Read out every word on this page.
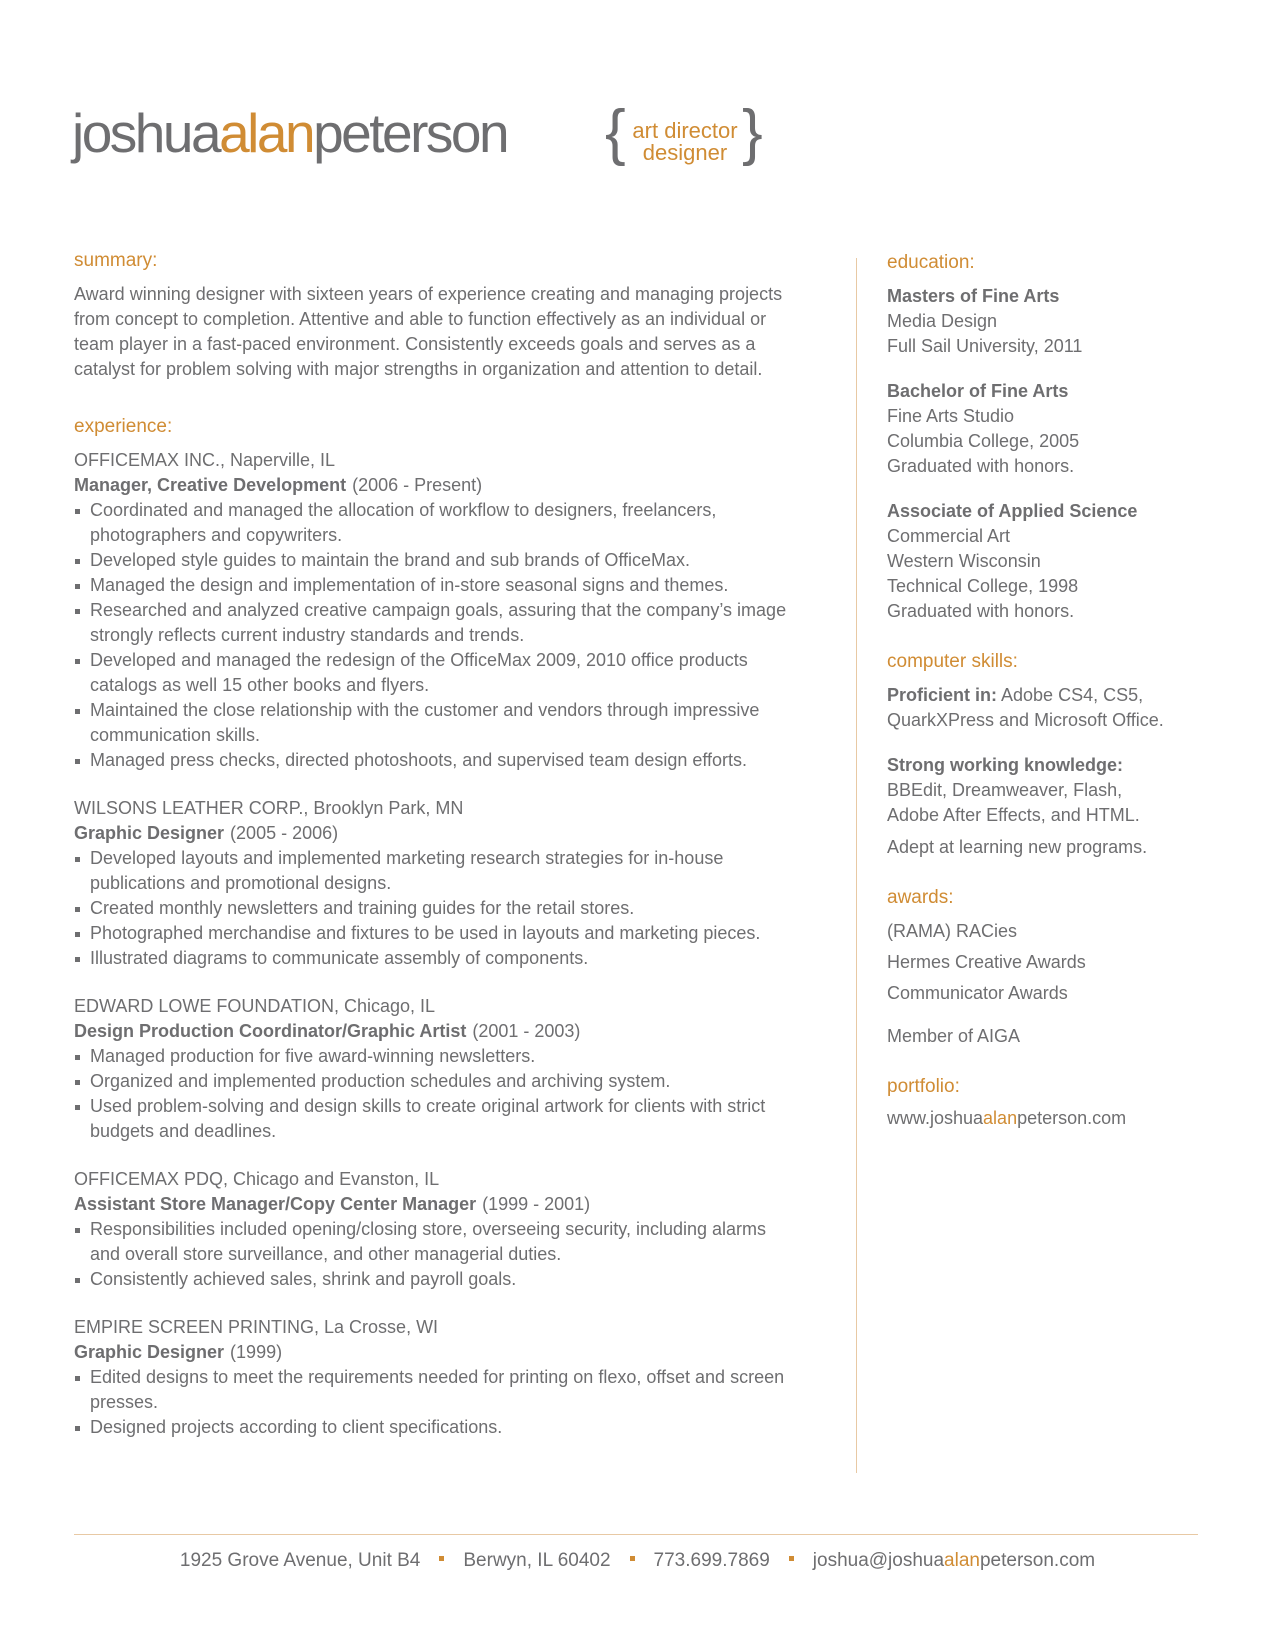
joshuaalanpeterson { art director
designer }
summary:
Award winning designer with sixteen years of experience creating and managing projects from concept to completion. Attentive and able to function effectively as an individual or team player in a fast-paced environment. Consistently exceeds goals and serves as a catalyst for problem solving with major strengths in organization and attention to detail.
experience:
OFFICEMAX INC., Naperville, IL
Manager, Creative Development (2006 - Present)
Coordinated and managed the allocation of workflow to designers, freelancers, photographers and copywriters.
Developed style guides to maintain the brand and sub brands of OfficeMax.
Managed the design and implementation of in-store seasonal signs and themes.
Researched and analyzed creative campaign goals, assuring that the company’s image strongly reflects current industry standards and trends.
Developed and managed the redesign of the OfficeMax 2009, 2010 office products catalogs as well 15 other books and flyers.
Maintained the close relationship with the customer and vendors through impressive communication skills.
Managed press checks, directed photoshoots, and supervised team design efforts.
WILSONS LEATHER CORP., Brooklyn Park, MN
Graphic Designer (2005 - 2006)
Developed layouts and implemented marketing research strategies for in-house publications and promotional designs.
Created monthly newsletters and training guides for the retail stores.
Photographed merchandise and fixtures to be used in layouts and marketing pieces.
Illustrated diagrams to communicate assembly of components.
EDWARD LOWE FOUNDATION, Chicago, IL
Design Production Coordinator/Graphic Artist (2001 - 2003)
Managed production for five award-winning newsletters.
Organized and implemented production schedules and archiving system.
Used problem-solving and design skills to create original artwork for clients with strict budgets and deadlines.
OFFICEMAX PDQ, Chicago and Evanston, IL
Assistant Store Manager/Copy Center Manager (1999 - 2001)
Responsibilities included opening/closing store, overseeing security, including alarms and overall store surveillance, and other managerial duties.
Consistently achieved sales, shrink and payroll goals.
EMPIRE SCREEN PRINTING, La Crosse, WI
Graphic Designer (1999)
Edited designs to meet the requirements needed for printing on flexo, offset and screen presses.
Designed projects according to client specifications.
education:
Masters of Fine Arts
Media Design
Full Sail University, 2011
Bachelor of Fine Arts
Fine Arts Studio
Columbia College, 2005
Graduated with honors.
Associate of Applied Science
Commercial Art
Western Wisconsin
Technical College, 1998
Graduated with honors.
computer skills:
Proficient in: Adobe CS4, CS5,
QuarkXPress and Microsoft Office.
Strong working knowledge:
BBEdit, Dreamweaver, Flash,
Adobe After Effects, and HTML.
Adept at learning new programs.
awards:
(RAMA) RACies
Hermes Creative Awards
Communicator Awards
Member of AIGA
portfolio:
www.joshuaalanpeterson.com
1925 Grove Avenue, Unit B4 Berwyn, IL 60402 773.699.7869 joshua@joshuaalanpeterson.com
